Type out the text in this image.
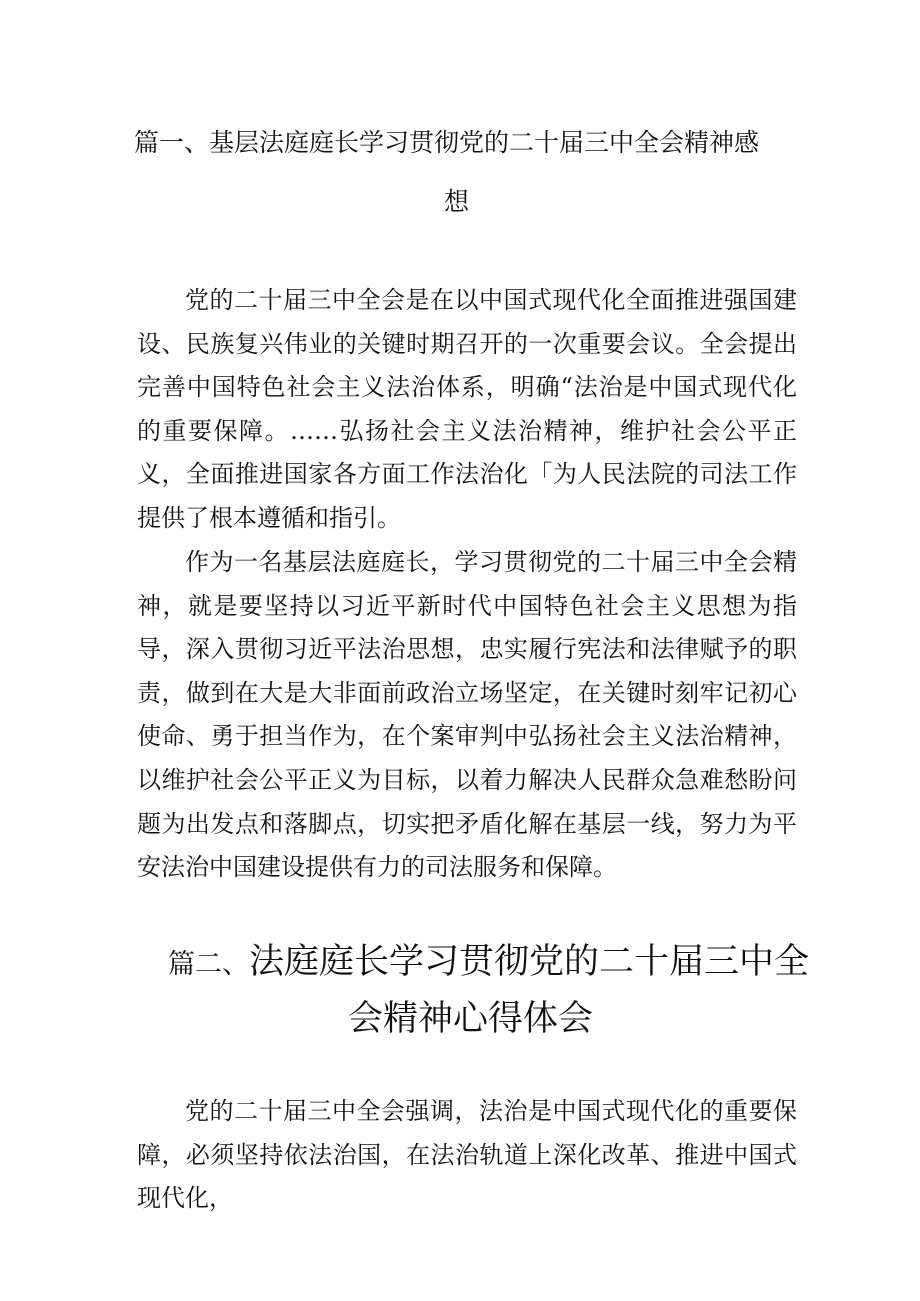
篇一、基层法庭庭长学习贯彻党的二十届三中全会精神感
想

党的二十届三中全会是在以中国式现代化全面推进强国建设、民族复兴伟业的关键时期召开的一次重要会议。全会提出完善中国特色社会主义法治体系，明确“法治是中国式现代化的重要保障。……弘扬社会主义法治精神，维护社会公平正义，全面推进国家各方面工作法治化「为人民法院的司法工作提供了根本遵循和指引。

作为一名基层法庭庭长，学习贯彻党的二十届三中全会精神，就是要坚持以习近平新时代中国特色社会主义思想为指导，深入贯彻习近平法治思想，忠实履行宪法和法律赋予的职责，做到在大是大非面前政治立场坚定，在关键时刻牢记初心使命、勇于担当作为，在个案审判中弘扬社会主义法治精神，以维护社会公平正义为目标，以着力解决人民群众急难愁盼问题为出发点和落脚点，切实把矛盾化解在基层一线，努力为平安法治中国建设提供有力的司法服务和保障。

篇二、法庭庭长学习贯彻党的二十届三中全
会精神心得体会

党的二十届三中全会强调，法治是中国式现代化的重要保障，必须坚持依法治国，在法治轨道上深化改革、推进中国式现代化，
